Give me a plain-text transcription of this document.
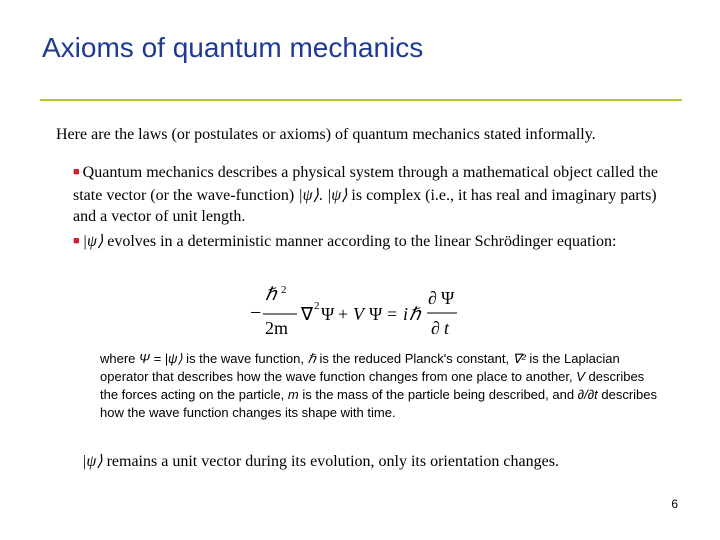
Axioms of quantum mechanics
Here are the laws (or postulates or axioms) of quantum mechanics stated informally.
■ Quantum mechanics describes a physical system through a mathematical object called the state vector (or the wave-function) |ψ⟩. |ψ⟩ is complex (i.e., it has real and imaginary parts) and a vector of unit length.
■ |ψ⟩ evolves in a deterministic manner according to the linear Schrödinger equation:
−
ℏ 2
2m
∇ 2 Ψ + V Ψ = i ℏ
∂ Ψ
∂ t
where Ψ = |ψ⟩ is the wave function, ℏ is the reduced Planck's constant, ∇² is the Laplacian operator that describes how the wave function changes from one place to another, V describes the forces acting on the particle, m is the mass of the particle being described, and ∂/∂t describes how the wave function changes its shape with time.
|ψ⟩ remains a unit vector during its evolution, only its orientation changes.
6
